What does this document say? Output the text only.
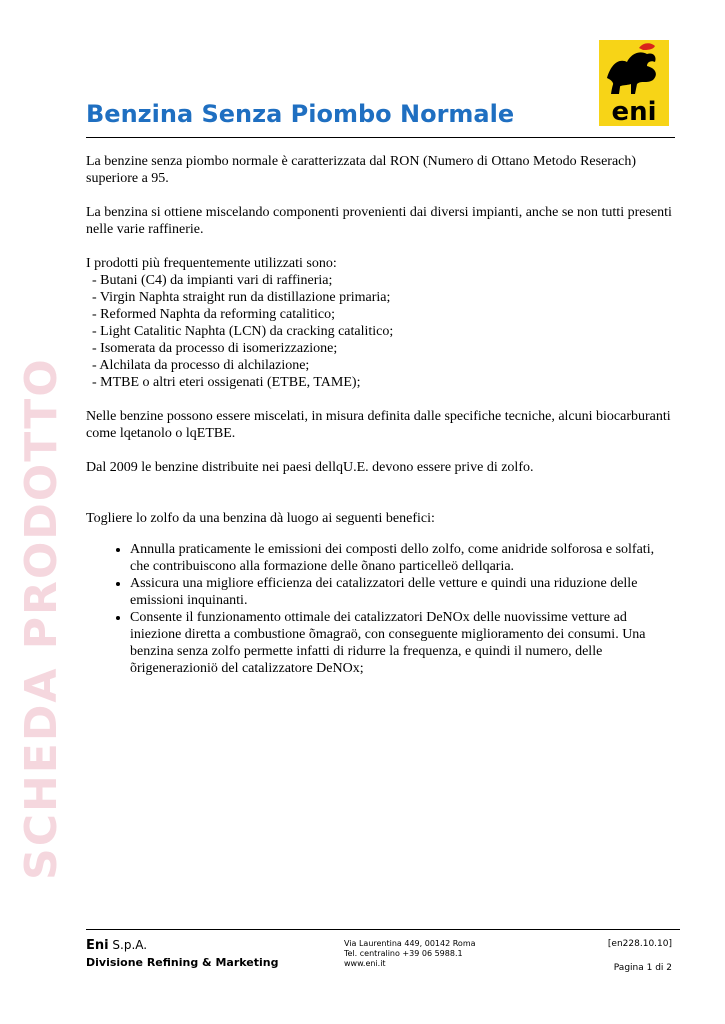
SCHEDA PRODOTTO
eni
Benzina Senza Piombo Normale

La benzine senza piombo normale è caratterizzata dal RON (Numero di Ottano Metodo Reserach) superiore a 95.

La benzina si ottiene miscelando componenti provenienti dai diversi impianti, anche se non tutti presenti nelle varie raffinerie.

I prodotti più frequentemente utilizzati sono:

- Butani (C4) da impianti vari di raffineria;
- Virgin Naphta straight run da distillazione primaria;
- Reformed Naphta da reforming catalitico;
- Light Catalitic Naphta (LCN) da cracking catalitico;
- Isomerata da processo di isomerizzazione;
- Alchilata da processo di alchilazione;
- MTBE o altri eteri ossigenati (ETBE, TAME);

Nelle benzine possono essere miscelati, in misura definita dalle specifiche tecniche, alcuni biocarburanti come lqetanolo o lqETBE.

Dal 2009 le benzine distribuite nei paesi dellqU.E. devono essere prive di zolfo.

Togliere lo zolfo da una benzina dà luogo ai seguenti benefici:

• Annulla praticamente le emissioni dei composti dello zolfo, come anidride solforosa e solfati, che contribuiscono alla formazione delle õnano particelleö dellqaria.
• Assicura una migliore efficienza dei catalizzatori delle vetture e quindi una riduzione delle emissioni inquinanti.
• Consente il funzionamento ottimale dei catalizzatori DeNOx delle nuovissime vetture ad iniezione diretta a combustione õmagraö, con conseguente miglioramento dei consumi. Una benzina senza zolfo permette infatti di ridurre la frequenza, e quindi il numero, delle õrigenerazioniö del catalizzatore DeNOx;
Eni S.p.A.
Divisione Refining & Marketing
Via Laurentina 449, 00142 Roma
Tel. centralino +39 06 5988.1
www.eni.it
[en228.10.10]
Pagina 1 di 2
